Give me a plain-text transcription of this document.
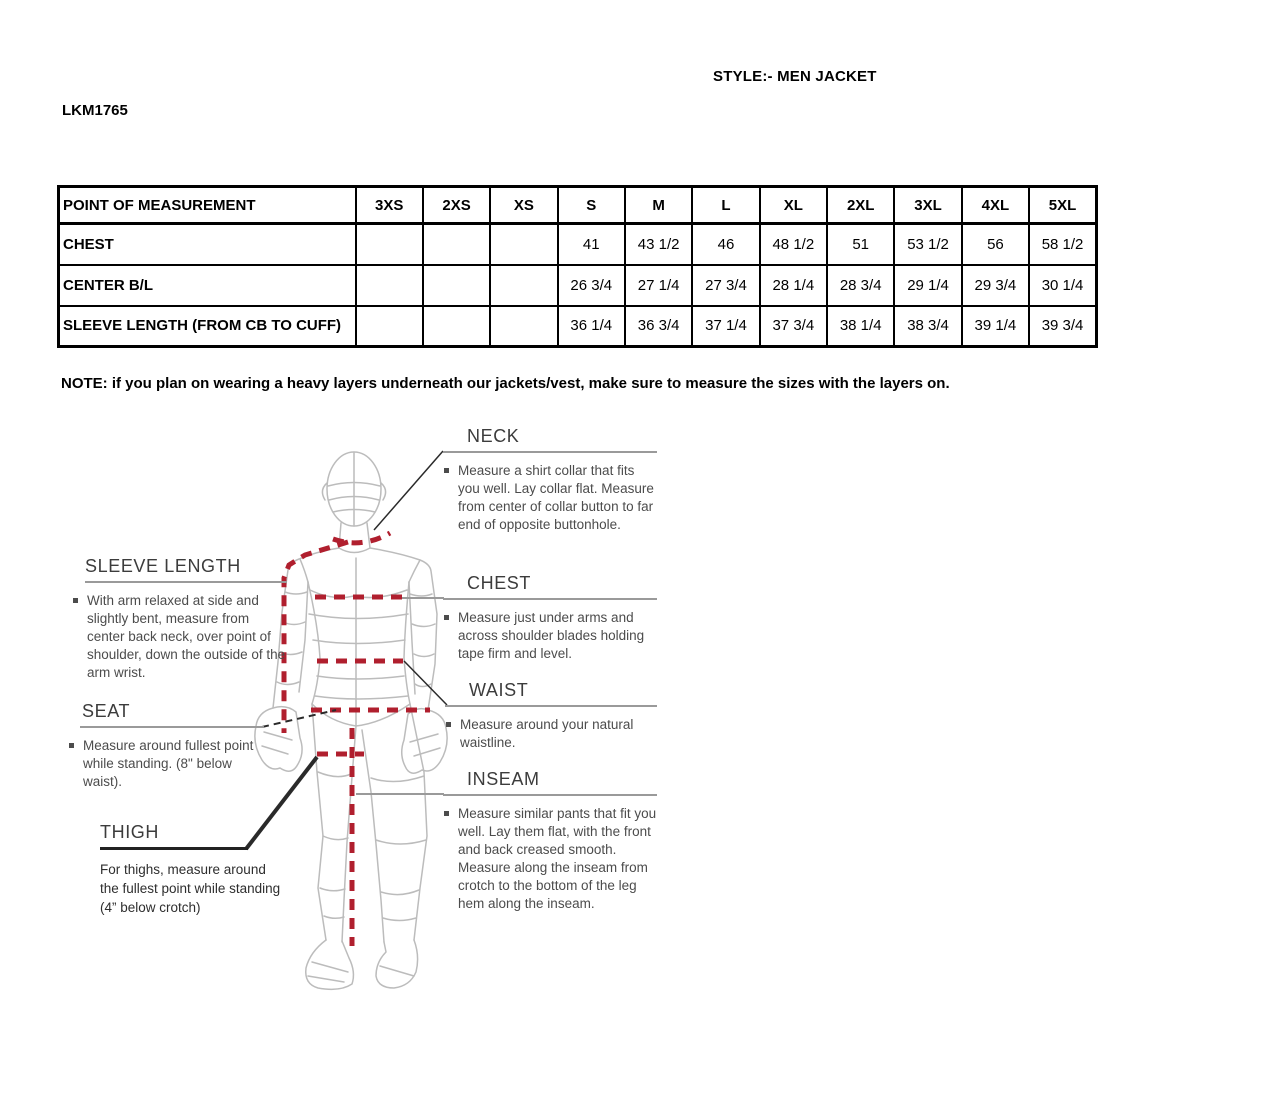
STYLE:- MEN JACKET
LKM1765
POINT OF MEASUREMENT	3XS	2XS	XS	S	M	L	XL	2XL	3XL	4XL	5XL
CHEST				41	43 1/2	46	48 1/2	51	53 1/2	56	58 1/2
CENTER B/L				26 3/4	27 1/4	27 3/4	28 1/4	28 3/4	29 1/4	29 3/4	30 1/4
SLEEVE LENGTH (FROM CB TO CUFF)				36 1/4	36 3/4	37 1/4	37 3/4	38 1/4	38 3/4	39 1/4	39 3/4
NOTE: if you plan on wearing a heavy layers underneath our jackets/vest, make sure to measure the sizes with the layers on.
NECK
Measure a shirt collar that fits you well. Lay collar flat. Measure from center of collar button to far end of opposite buttonhole.
CHEST
Measure just under arms and across shoulder blades holding tape firm and level.
WAIST
Measure around your natural waistline.
INSEAM
Measure similar pants that fit you well. Lay them flat, with the front and back creased smooth. Measure along the inseam from crotch to the bottom of the leg hem along the inseam.
SLEEVE LENGTH
With arm relaxed at side and slightly bent, measure from center back neck, over point of shoulder, down the outside of the arm wrist.
SEAT
Measure around fullest point while standing. (8" below waist).
THIGH

For thighs, measure around the fullest point while standing (4” below crotch)
